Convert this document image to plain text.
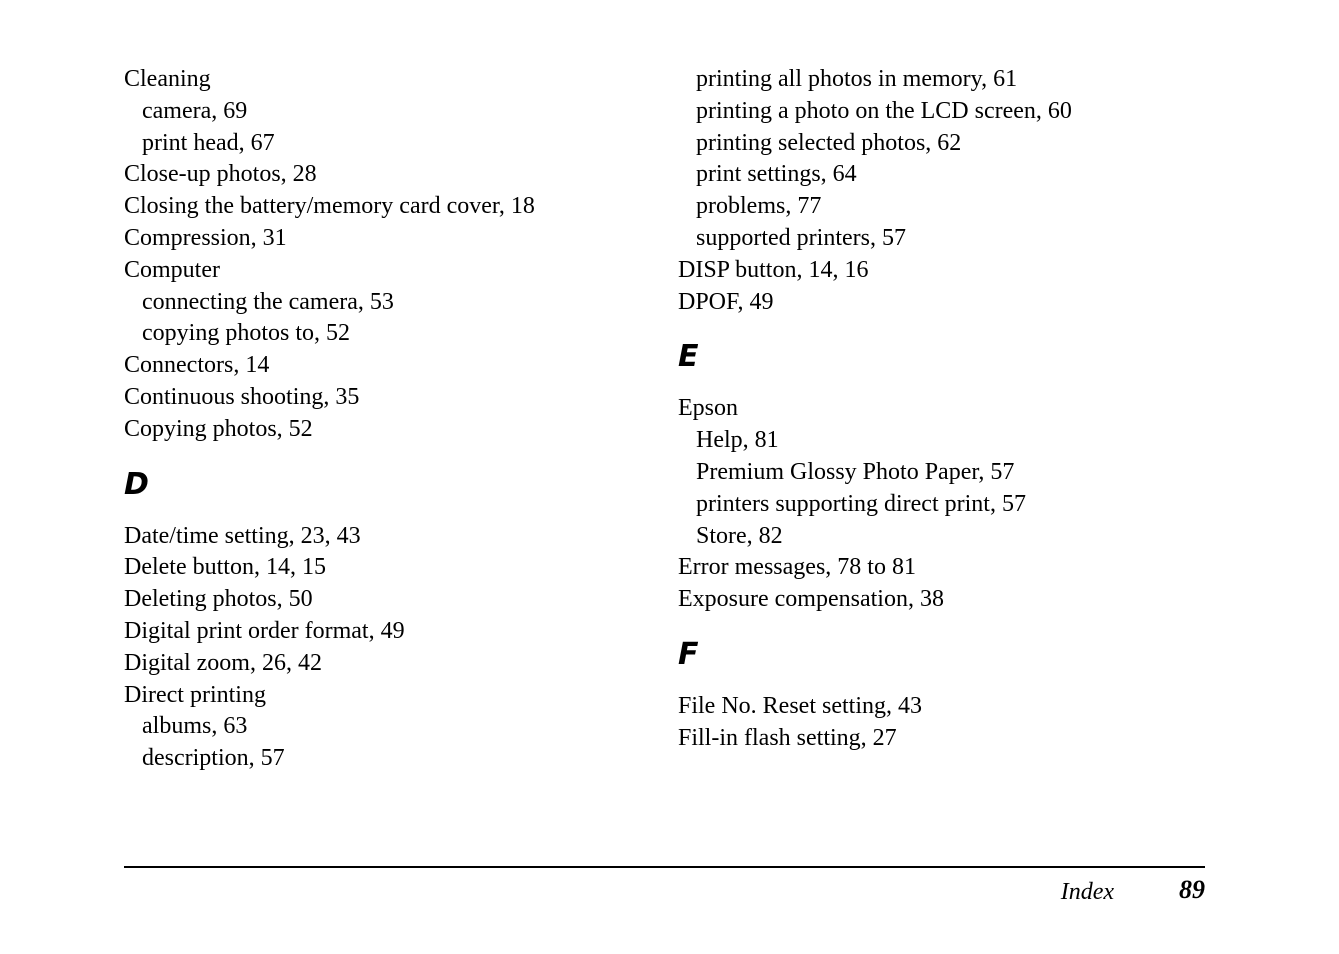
Cleaning
camera, 69
print head, 67
Close-up photos, 28
Closing the battery/memory card cover, 18
Compression, 31
Computer
connecting the camera, 53
copying photos to, 52
Connectors, 14
Continuous shooting, 35
Copying photos, 52
D
Date/time setting, 23, 43
Delete button, 14, 15
Deleting photos, 50
Digital print order format, 49
Digital zoom, 26, 42
Direct printing
albums, 63
description, 57
printing all photos in memory, 61
printing a photo on the LCD screen, 60
printing selected photos, 62
print settings, 64
problems, 77
supported printers, 57
DISP button, 14, 16
DPOF, 49
E
Epson
Help, 81
Premium Glossy Photo Paper, 57
printers supporting direct print, 57
Store, 82
Error messages, 78 to 81
Exposure compensation, 38
F
File No. Reset setting, 43
Fill-in flash setting, 27
Index	89
